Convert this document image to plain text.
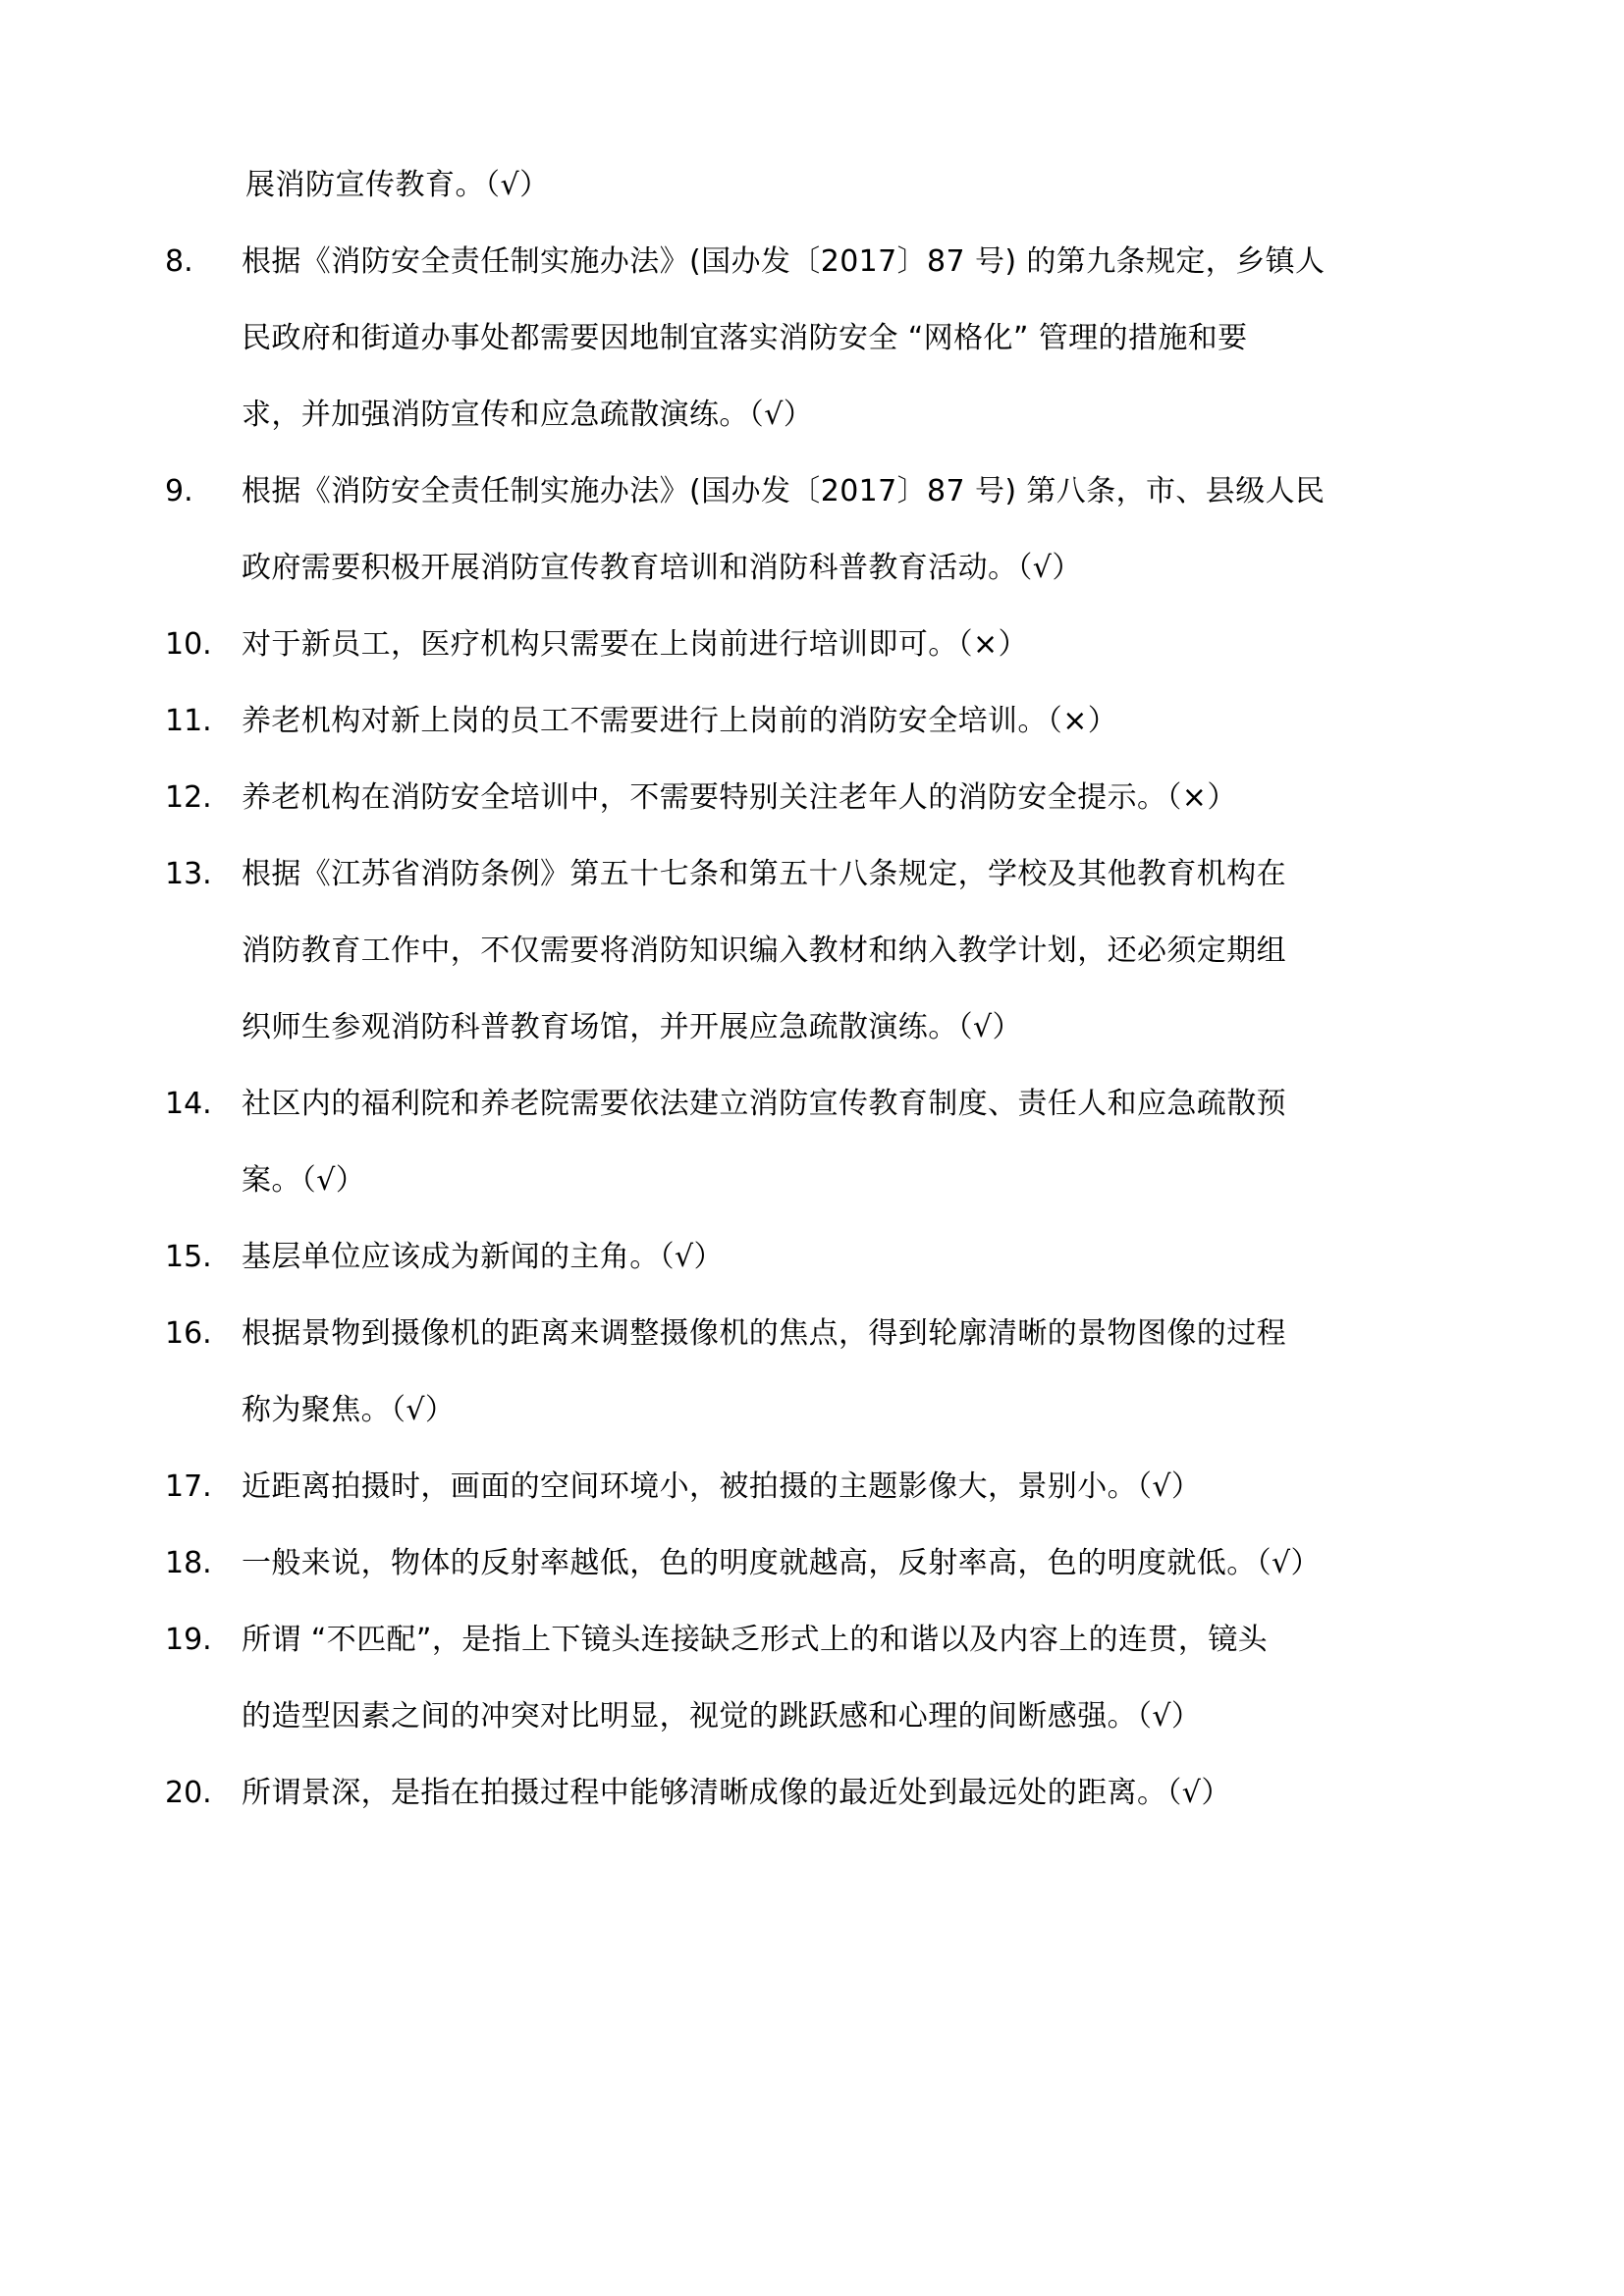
展消防宣传教育。（√）
8.	根据《消防安全责任制实施办法》(国办发〔2017〕87 号) 的第九条规定，乡镇人
民政府和街道办事处都需要因地制宜落实消防安全 “网格化” 管理的措施和要
求，并加强消防宣传和应急疏散演练。（√）
9.	根据《消防安全责任制实施办法》(国办发〔2017〕87 号) 第八条，市、县级人民
政府需要积极开展消防宣传教育培训和消防科普教育活动。（√）
10.	对于新员工，医疗机构只需要在上岗前进行培训即可。（×）
11.	养老机构对新上岗的员工不需要进行上岗前的消防安全培训。（×）
12.	养老机构在消防安全培训中，不需要特别关注老年人的消防安全提示。（×）
13.	根据《江苏省消防条例》第五十七条和第五十八条规定，学校及其他教育机构在
消防教育工作中，不仅需要将消防知识编入教材和纳入教学计划，还必须定期组
织师生参观消防科普教育场馆，并开展应急疏散演练。（√）
14.	社区内的福利院和养老院需要依法建立消防宣传教育制度、责任人和应急疏散预
案。（√）
15.	基层单位应该成为新闻的主角。（√）
16.	根据景物到摄像机的距离来调整摄像机的焦点，得到轮廓清晰的景物图像的过程
称为聚焦。（√）
17.	近距离拍摄时，画面的空间环境小，被拍摄的主题影像大，景别小。（√）
18.	一般来说，物体的反射率越低，色的明度就越高，反射率高，色的明度就低。（√）
19.	所谓 “不匹配”，是指上下镜头连接缺乏形式上的和谐以及内容上的连贯，镜头
的造型因素之间的冲突对比明显，视觉的跳跃感和心理的间断感强。（√）
20.	所谓景深，是指在拍摄过程中能够清晰成像的最近处到最远处的距离。（√）
